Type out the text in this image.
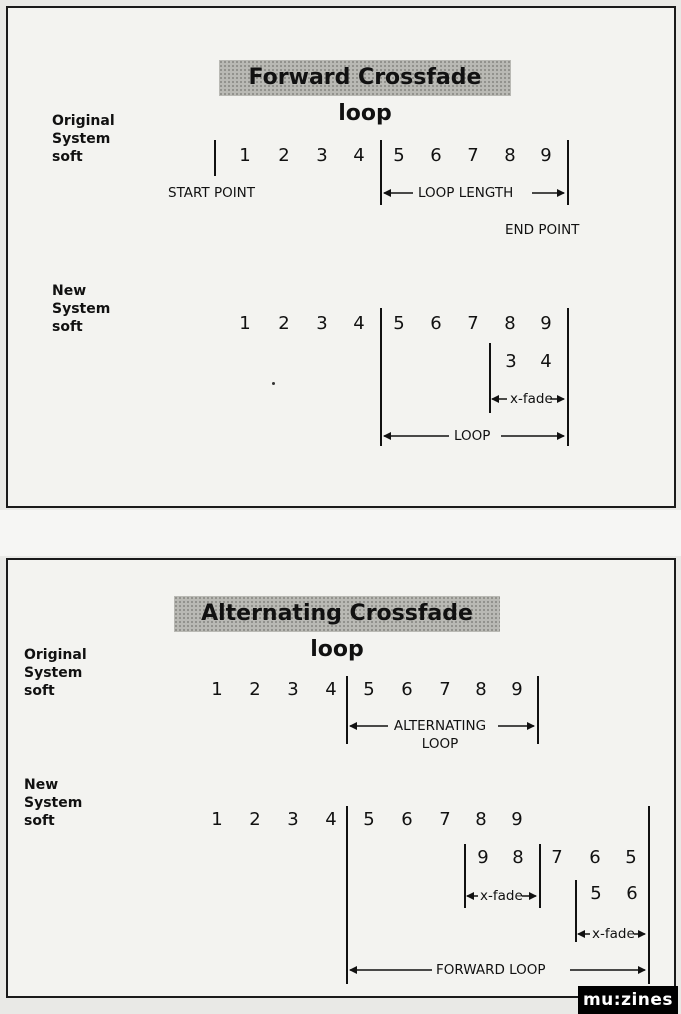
Forward Crossfade loop
Original
System
soft
New
System
soft
1 2 3 4 5 6 7 8 9
START POINT	LOOP LENGTH
END POINT
1 2 3 4 5 6 7 8 9
3 4
x-fade
LOOP
Alternating Crossfade loop
Original
System
soft
New
System
soft
1 2 3 4 5 6 7 8 9
ALTERNATING
LOOP
1 2 3 4 5 6 7 8 9
9 8 7 6 5
5 6
x-fade
x-fade
FORWARD LOOP
mu:zines
